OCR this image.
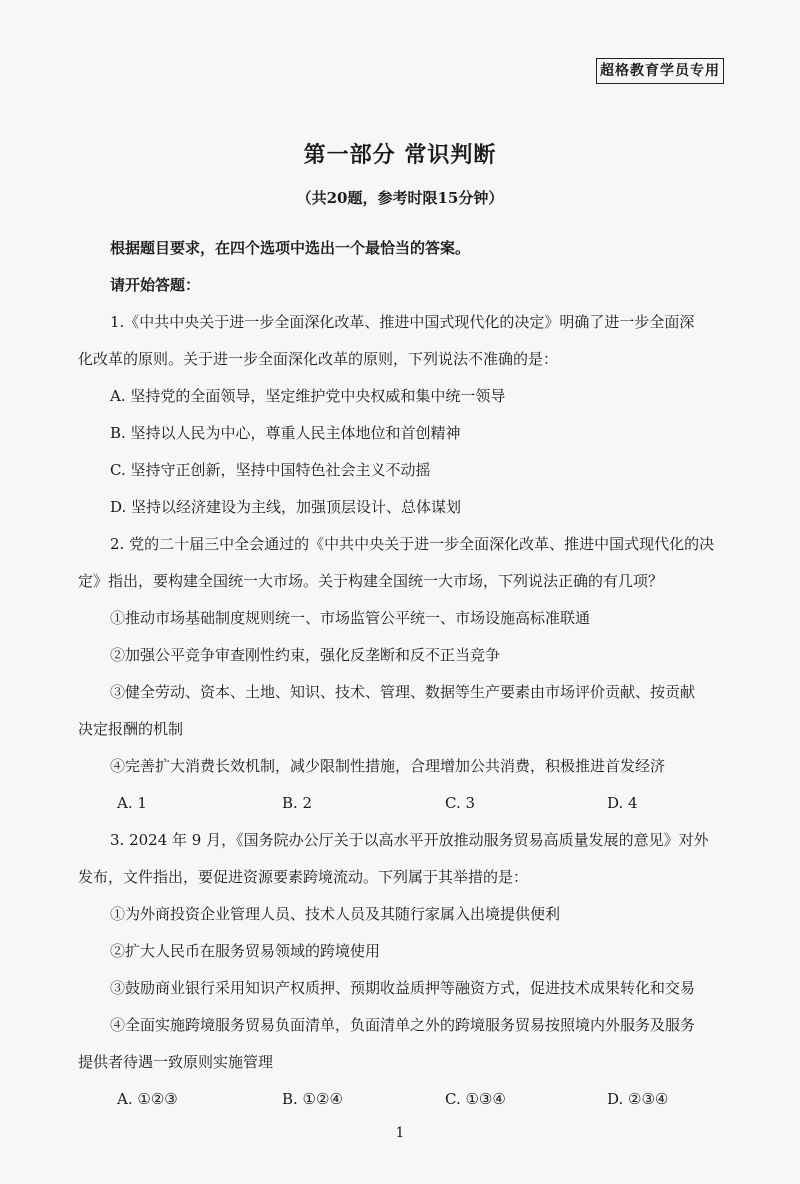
超格教育学员专用
第一部分 常识判断
（共20题，参考时限15分钟）
根据题目要求，在四个选项中选出一个最恰当的答案。
请开始答题：
1.《中共中央关于进一步全面深化改革、推进中国式现代化的决定》明确了进一步全面深
化改革的原则。关于进一步全面深化改革的原则，下列说法不准确的是：
A. 坚持党的全面领导，坚定维护党中央权威和集中统一领导
B. 坚持以人民为中心，尊重人民主体地位和首创精神
C. 坚持守正创新，坚持中国特色社会主义不动摇
D. 坚持以经济建设为主线，加强顶层设计、总体谋划
2. 党的二十届三中全会通过的《中共中央关于进一步全面深化改革、推进中国式现代化的决
定》指出，要构建全国统一大市场。关于构建全国统一大市场，下列说法正确的有几项？
①推动市场基础制度规则统一、市场监管公平统一、市场设施高标准联通
②加强公平竞争审查刚性约束，强化反垄断和反不正当竞争
③健全劳动、资本、土地、知识、技术、管理、数据等生产要素由市场评价贡献、按贡献
决定报酬的机制
④完善扩大消费长效机制，减少限制性措施，合理增加公共消费，积极推进首发经济
A. 1	B. 2	C. 3	D. 4
3. 2024 年 9 月，《国务院办公厅关于以高水平开放推动服务贸易高质量发展的意见》对外
发布，文件指出，要促进资源要素跨境流动。下列属于其举措的是：
①为外商投资企业管理人员、技术人员及其随行家属入出境提供便利
②扩大人民币在服务贸易领域的跨境使用
③鼓励商业银行采用知识产权质押、预期收益质押等融资方式，促进技术成果转化和交易
④全面实施跨境服务贸易负面清单，负面清单之外的跨境服务贸易按照境内外服务及服务
提供者待遇一致原则实施管理
A. ①②③	B. ①②④	C. ①③④	D. ②③④
1
